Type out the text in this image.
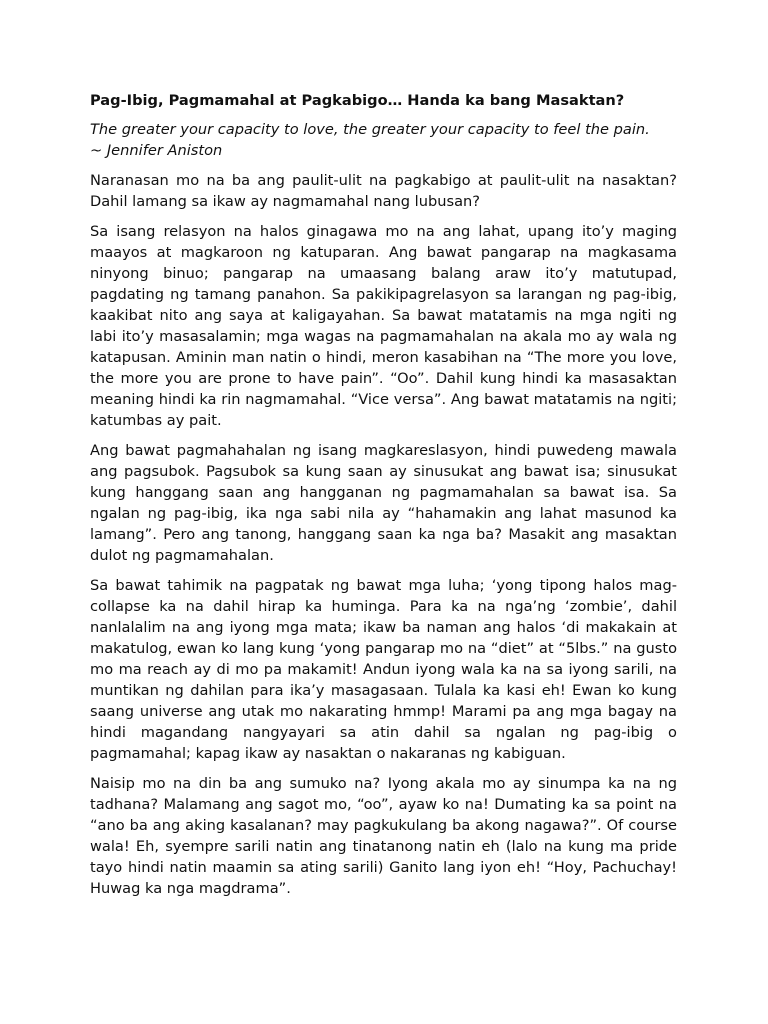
Pag-Ibig, Pagmamahal at Pagkabigo… Handa ka bang Masaktan?
The greater your capacity to love, the greater your capacity to feel the pain.
~ Jennifer Aniston

Naranasan mo na ba ang paulit-ulit na pagkabigo at paulit-ulit na nasaktan? Dahil lamang sa ikaw ay nagmamahal nang lubusan?

Sa isang relasyon na halos ginagawa mo na ang lahat, upang ito’y maging maayos at magkaroon ng katuparan. Ang bawat pangarap na magkasama ninyong binuo; pangarap na umaasang balang araw ito’y matutupad, pagdating ng tamang panahon. Sa pakikipagrelasyon sa larangan ng pag-ibig, kaakibat nito ang saya at kaligayahan. Sa bawat matatamis na mga ngiti ng labi ito’y masasalamin; mga wagas na pagmamahalan na akala mo ay wala ng katapusan. Aminin man natin o hindi, meron kasabihan na “The more you love, the more you are prone to have pain”. “Oo”. Dahil kung hindi ka masasaktan meaning hindi ka rin nagmamahal. “Vice versa”. Ang bawat matatamis na ngiti; katumbas ay pait.

Ang bawat pagmahahalan ng isang magkareslasyon, hindi puwedeng mawala ang pagsubok. Pagsubok sa kung saan ay sinusukat ang bawat isa; sinusukat kung hanggang saan ang hangganan ng pagmamahalan sa bawat isa. Sa ngalan ng pag-ibig, ika nga sabi nila ay “hahamakin ang lahat masunod ka lamang”. Pero ang tanong, hanggang saan ka nga ba? Masakit ang masaktan dulot ng pagmamahalan.

Sa bawat tahimik na pagpatak ng bawat mga luha; ‘yong tipong halos mag-collapse ka na dahil hirap ka huminga. Para ka na nga’ng ‘zombie’, dahil nanlalalim na ang iyong mga mata; ikaw ba naman ang halos ‘di makakain at makatulog, ewan ko lang kung ‘yong pangarap mo na “diet” at “5lbs.” na gusto mo ma reach ay di mo pa makamit! Andun iyong wala ka na sa iyong sarili, na muntikan ng dahilan para ika’y masagasaan. Tulala ka kasi eh! Ewan ko kung saang universe ang utak mo nakarating hmmp! Marami pa ang mga bagay na hindi magandang nangyayari sa atin dahil sa ngalan ng pag-ibig o pagmamahal; kapag ikaw ay nasaktan o nakaranas ng kabiguan.

Naisip mo na din ba ang sumuko na? Iyong akala mo ay sinumpa ka na ng tadhana? Malamang ang sagot mo, “oo”, ayaw ko na! Dumating ka sa point na “ano ba ang aking kasalanan? may pagkukulang ba akong nagawa?”. Of course wala! Eh, syempre sarili natin ang tinatanong natin eh (lalo na kung ma pride tayo hindi natin maamin sa ating sarili) Ganito lang iyon eh! “Hoy, Pachuchay! Huwag ka nga magdrama”.
